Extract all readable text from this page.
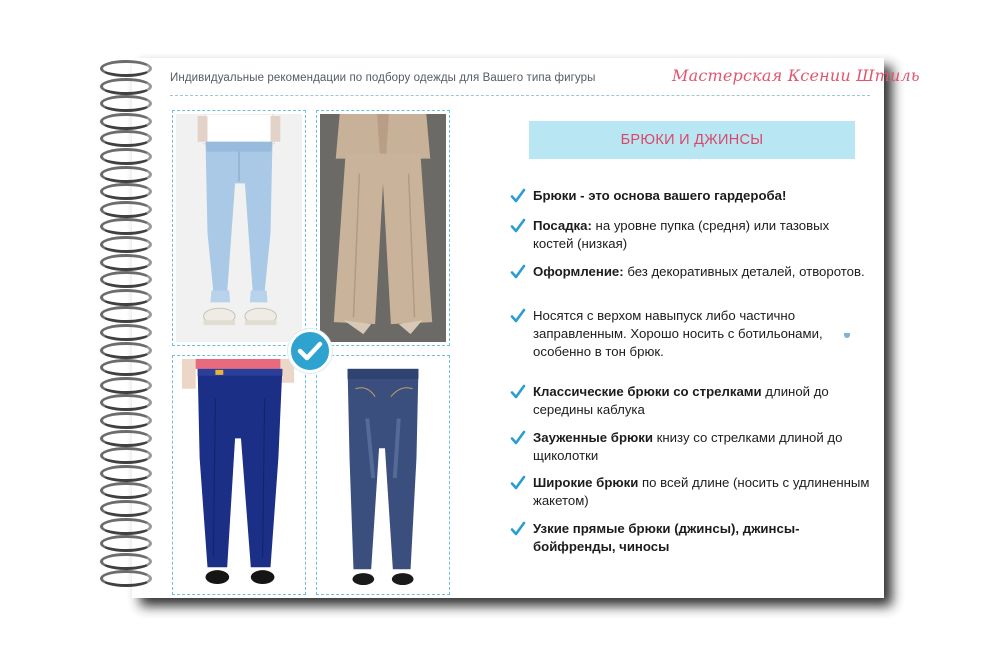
Индивидуальные рекомендации по подбору одежды для Вашего типа фигуры	Мастерская Ксении Штиль
БРЮКИ И ДЖИНСЫ
Брюки - это основа вашего гардероба!
Посадка: на уровне пупка (средня) или тазовых костей (низкая)
Оформление: без декоративных деталей, отворотов.
Носятся с верхом навыпуск либо частично заправленным. Хорошо носить с ботильонами, особенно в тон брюк.
Классические брюки со стрелками длиной до середины каблука
Зауженные брюки книзу со стрелками длиной до щиколотки
Широкие брюки по всей длине (носить с удлиненным жакетом)
Узкие прямые брюки (джинсы), джинсы-бойфренды, чиносы
